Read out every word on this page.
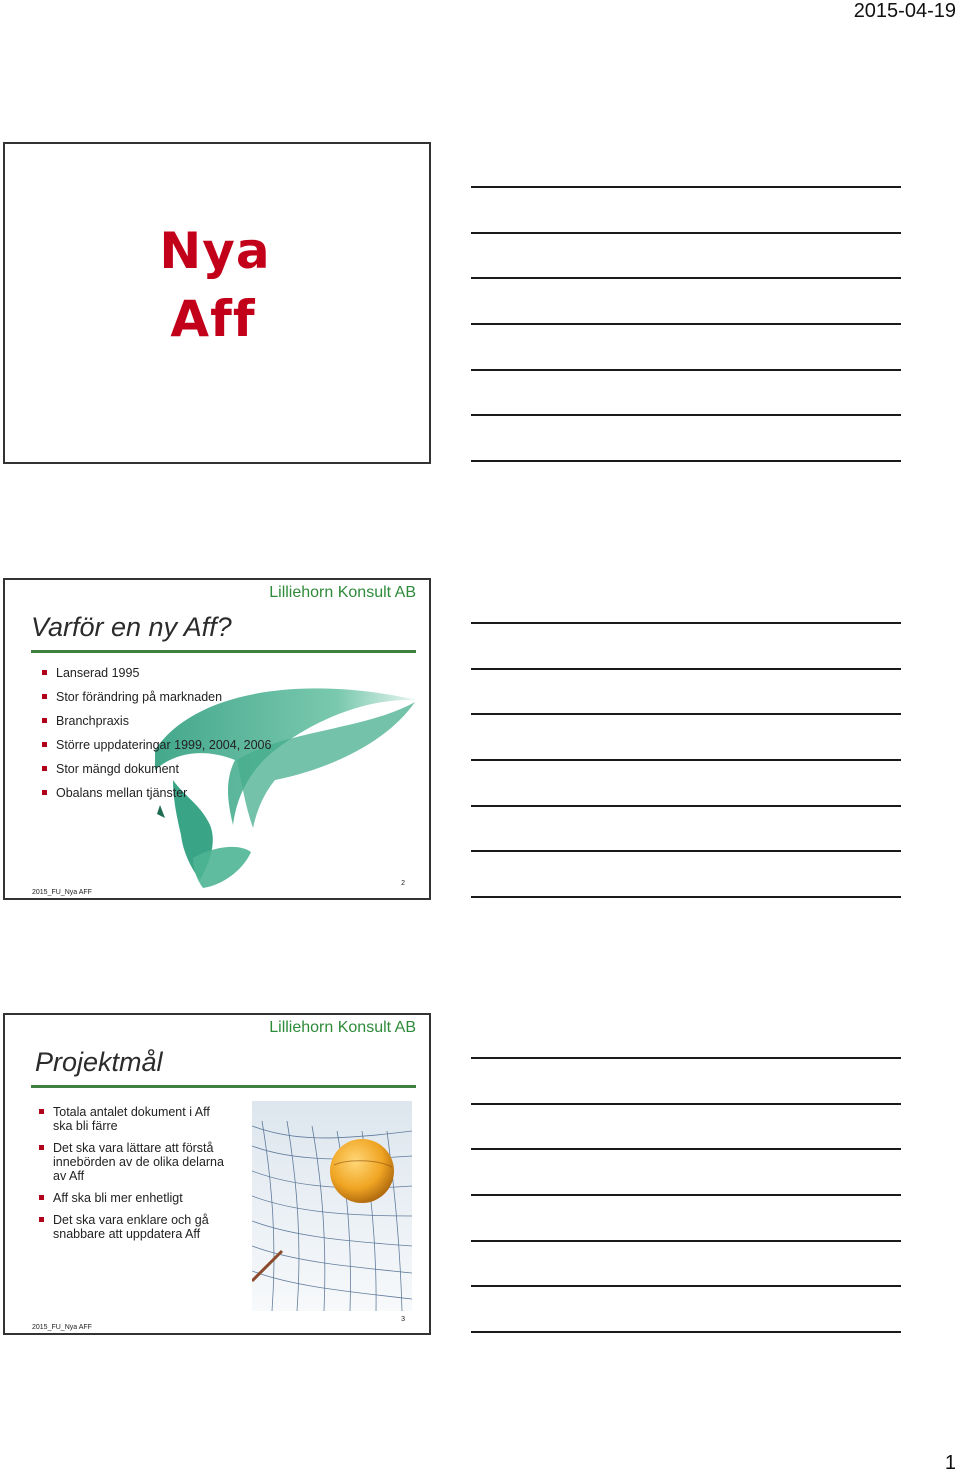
2015-04-19
Nya
Aff
Lilliehorn Konsult AB
Varför en ny Aff?
Lanserad 1995
Stor förändring på marknaden
Branchpraxis
Större uppdateringar 1999, 2004, 2006
Stor mängd dokument
Obalans mellan tjänster
2015_FU_Nya AFF
2
Lilliehorn Konsult AB
Projektmål
Totala antalet dokument i Aff ska bli färre
Det ska vara lättare att förstå innebörden av de olika delarna av Aff
Aff ska bli mer enhetligt
Det ska vara enklare och gå snabbare att uppdatera Aff
2015_FU_Nya AFF
3
1
